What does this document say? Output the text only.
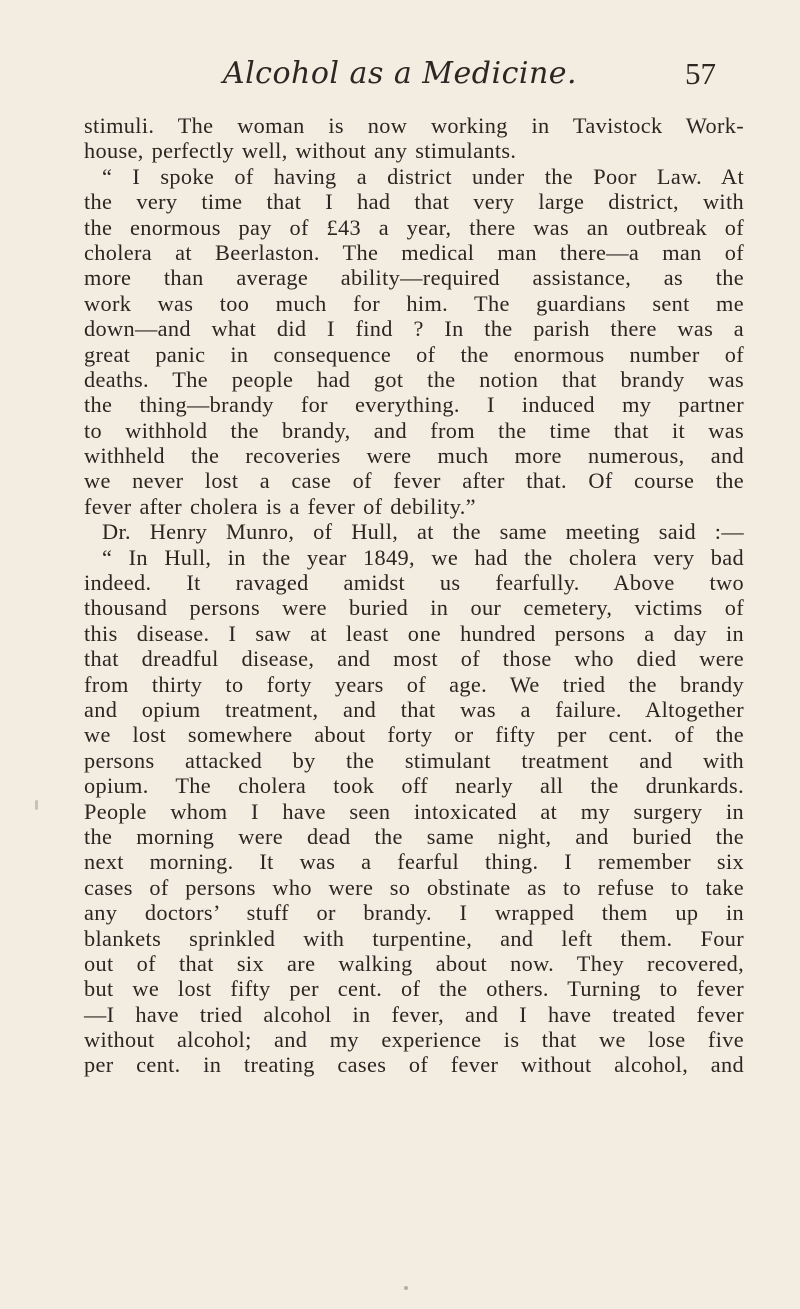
Alcohol as a Medicine.	57
stimuli. The woman is now working in Tavistock Work-
house, perfectly well, without any stimulants.
“ I spoke of having a district under the Poor Law. At
the very time that I had that very large district, with
the enormous pay of £43 a year, there was an outbreak of
cholera at Beerlaston. The medical man there—a man of
more than average ability—required assistance, as the
work was too much for him. The guardians sent me
down—and what did I find ? In the parish there was a
great panic in consequence of the enormous number of
deaths. The people had got the notion that brandy was
the thing—brandy for everything. I induced my partner
to withhold the brandy, and from the time that it was
withheld the recoveries were much more numerous, and
we never lost a case of fever after that. Of course the
fever after cholera is a fever of debility.”
Dr. Henry Munro, of Hull, at the same meeting said :—
“ In Hull, in the year 1849, we had the cholera very bad
indeed. It ravaged amidst us fearfully. Above two
thousand persons were buried in our cemetery, victims of
this disease. I saw at least one hundred persons a day in
that dreadful disease, and most of those who died were
from thirty to forty years of age. We tried the brandy
and opium treatment, and that was a failure. Altogether
we lost somewhere about forty or fifty per cent. of the
persons attacked by the stimulant treatment and with
opium. The cholera took off nearly all the drunkards.
People whom I have seen intoxicated at my surgery in
the morning were dead the same night, and buried the
next morning. It was a fearful thing. I remember six
cases of persons who were so obstinate as to refuse to take
any doctors’ stuff or brandy. I wrapped them up in
blankets sprinkled with turpentine, and left them. Four
out of that six are walking about now. They recovered,
but we lost fifty per cent. of the others. Turning to fever
—I have tried alcohol in fever, and I have treated fever
without alcohol; and my experience is that we lose five
per cent. in treating cases of fever without alcohol, and
